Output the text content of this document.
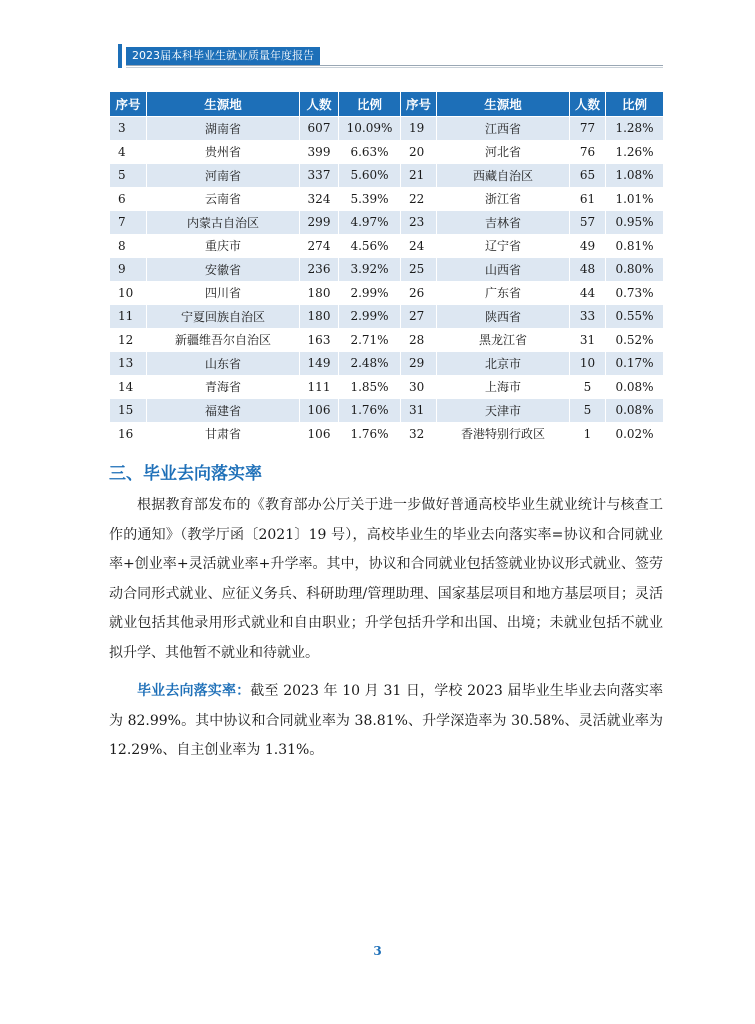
2023届本科毕业生就业质量年度报告
序号	生源地	人数	比例	序号	生源地	人数	比例
3	湖南省	607	10.09%	19	江西省	77	1.28%
4	贵州省	399	6.63%	20	河北省	76	1.26%
5	河南省	337	5.60%	21	西藏自治区	65	1.08%
6	云南省	324	5.39%	22	浙江省	61	1.01%
7	内蒙古自治区	299	4.97%	23	吉林省	57	0.95%
8	重庆市	274	4.56%	24	辽宁省	49	0.81%
9	安徽省	236	3.92%	25	山西省	48	0.80%
10	四川省	180	2.99%	26	广东省	44	0.73%
11	宁夏回族自治区	180	2.99%	27	陕西省	33	0.55%
12	新疆维吾尔自治区	163	2.71%	28	黑龙江省	31	0.52%
13	山东省	149	2.48%	29	北京市	10	0.17%
14	青海省	111	1.85%	30	上海市	5	0.08%
15	福建省	106	1.76%	31	天津市	5	0.08%
16	甘肃省	106	1.76%	32	香港特别行政区	1	0.02%
三、毕业去向落实率

根据教育部发布的《教育部办公厅关于进一步做好普通高校毕业生就业统计与核查工作的通知》（教学厅函〔2021〕19 号），高校毕业生的毕业去向落实率=协议和合同就业率+创业率+灵活就业率+升学率。其中，协议和合同就业包括签就业协议形式就业、签劳动合同形式就业、应征义务兵、科研助理/管理助理、国家基层项目和地方基层项目；灵活就业包括其他录用形式就业和自由职业；升学包括升学和出国、出境；未就业包括不就业拟升学、其他暂不就业和待就业。

毕业去向落实率：截至 2023 年 10 月 31 日，学校 2023 届毕业生毕业去向落实率为 82.99%。其中协议和合同就业率为 38.81%、升学深造率为 30.58%、灵活就业率为 12.29%、自主创业率为 1.31%。

3
